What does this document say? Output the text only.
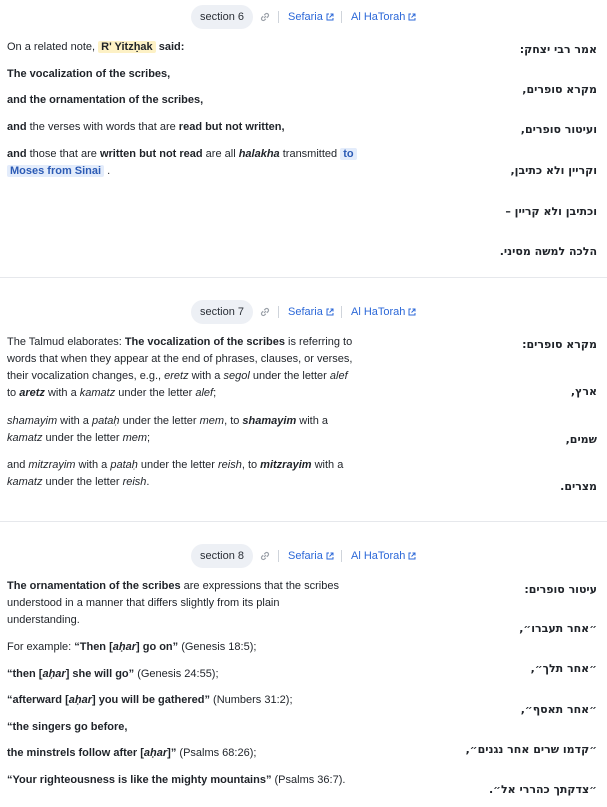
section 6	Sefaria	Al HaTorah
On a related note, R' Yitzḥak said:
The vocalization of the scribes,
and the ornamentation of the scribes,
and the verses with words that are read but not written,
and those that are written but not read are all halakha transmitted to
Moses from Sinai .
אמר רבי יצחק:
מקרא סופרים,
ועיטור סופרים,
וקריין ולא כתיבן,
וכתיבן ולא קריין –
הלכה למשה מסיני.
section 7	Sefaria	Al HaTorah
The Talmud elaborates: The vocalization of the scribes is referring to
words that when they appear at the end of phrases, clauses, or verses,
their vocalization changes, e.g., eretz with a segol under the letter alef
to aretz with a kamatz under the letter alef;
shamayim with a pataḥ under the letter mem, to shamayim with a
kamatz under the letter mem;
and mitzrayim with a pataḥ under the letter reish, to mitzrayim with a
kamatz under the letter reish.
מקרא סופרים:
ארץ,
שמים,
מצרים.
section 8	Sefaria	Al HaTorah
The ornamentation of the scribes are expressions that the scribes
understood in a manner that differs slightly from its plain
understanding.
For example: “Then [aḥar] go on” (Genesis 18:5);
“then [aḥar] she will go” (Genesis 24:55);
“afterward [aḥar] you will be gathered” (Numbers 31:2);
“the singers go before,
the minstrels follow after [aḥar]” (Psalms 68:26);
“Your righteousness is like the mighty mountains” (Psalms 36:7).
עיטור סופרים:
״אחר תעברו״,
״אחר תלך״,
״אחר תאסף״,
״קדמו שרים אחר נגנים״,
״צדקתך כהררי אל״.
